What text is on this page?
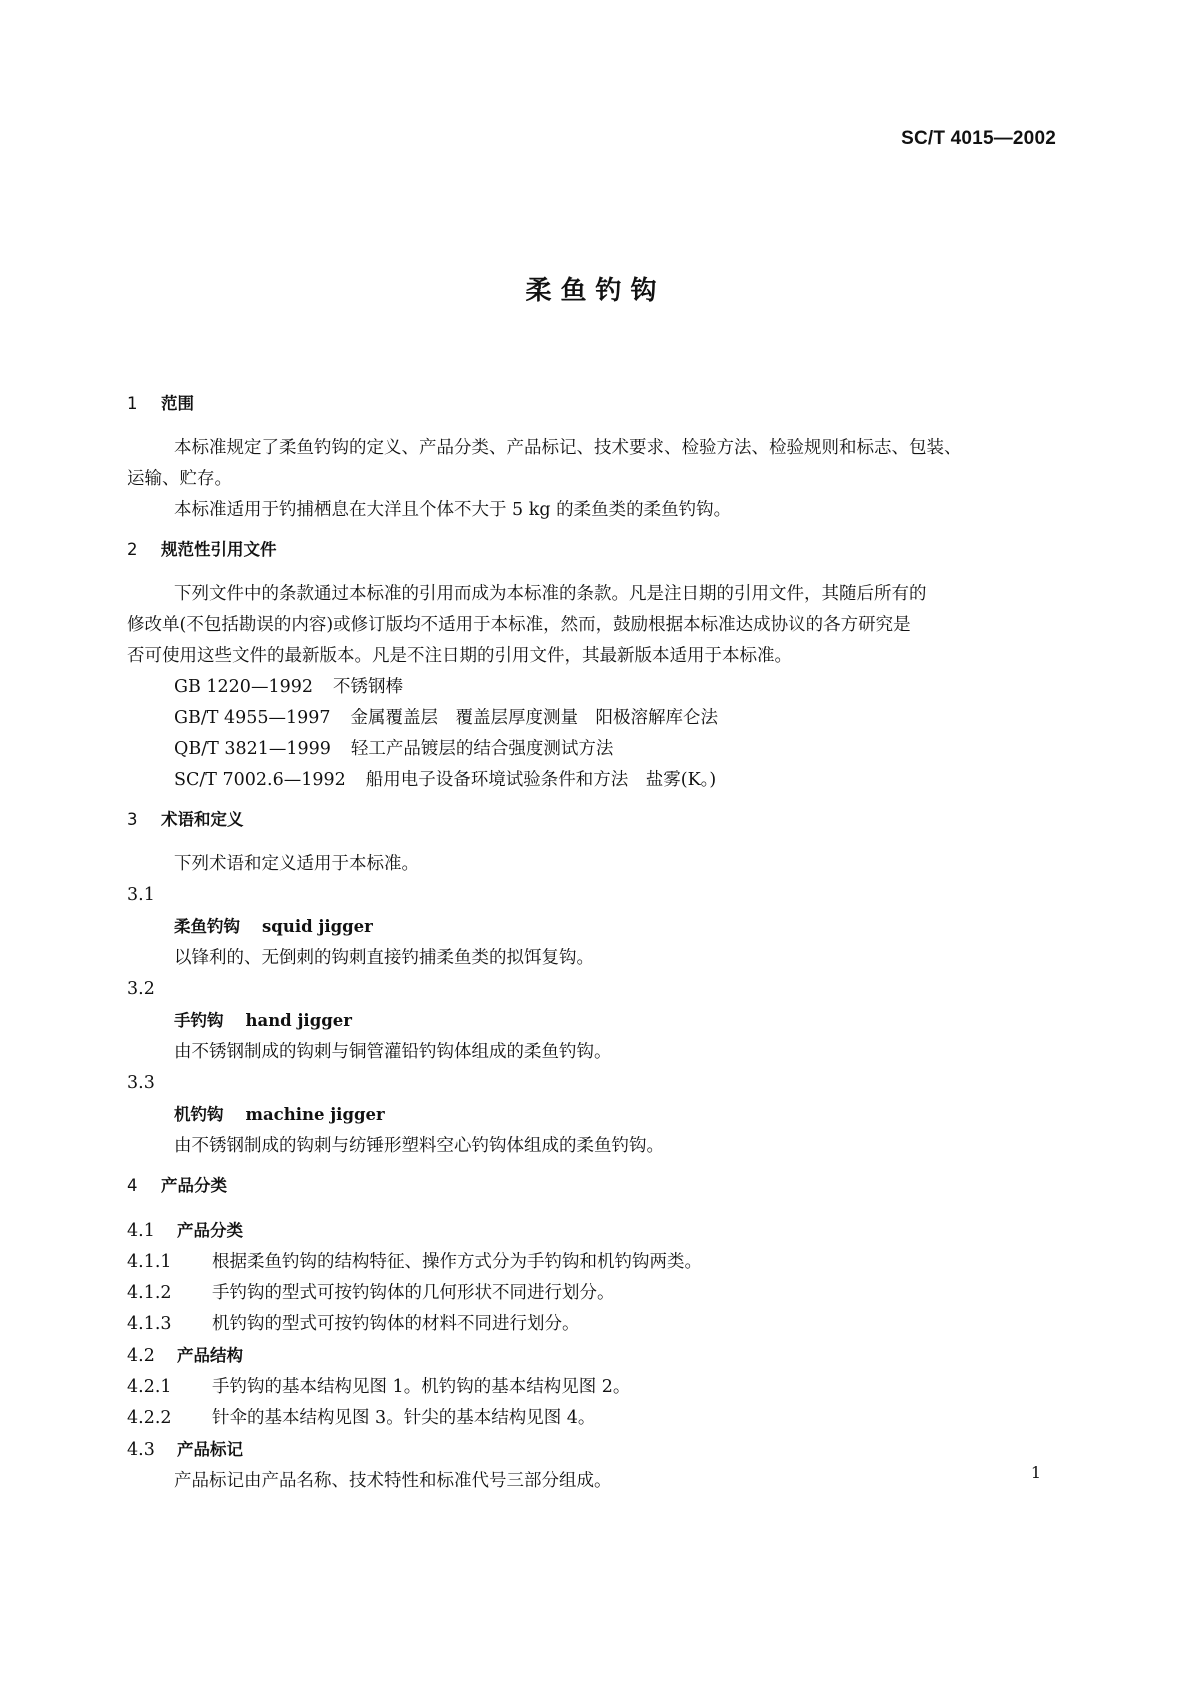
SC/T 4015—2002
柔鱼钓钩
1 范围
本标准规定了柔鱼钓钩的定义、产品分类、产品标记、技术要求、检验方法、检验规则和标志、包装、
运输、贮存。
本标准适用于钓捕栖息在大洋且个体不大于 5 kg 的柔鱼类的柔鱼钓钩。
2 规范性引用文件
下列文件中的条款通过本标准的引用而成为本标准的条款。凡是注日期的引用文件，其随后所有的
修改单(不包括勘误的内容)或修订版均不适用于本标准，然而，鼓励根据本标准达成协议的各方研究是
否可使用这些文件的最新版本。凡是不注日期的引用文件，其最新版本适用于本标准。
GB 1220—1992 不锈钢棒
GB/T 4955—1997 金属覆盖层　覆盖层厚度测量　阳极溶解库仑法
QB/T 3821—1999 轻工产品镀层的结合强度测试方法
SC/T 7002.6—1992 船用电子设备环境试验条件和方法　盐雾(K。)
3 术语和定义
下列术语和定义适用于本标准。
3.1
柔鱼钓钩 squid jigger
以锋利的、无倒刺的钩刺直接钓捕柔鱼类的拟饵复钩。
3.2
手钓钩 hand jigger
由不锈钢制成的钩刺与铜管灌铅钓钩体组成的柔鱼钓钩。
3.3
机钓钩 machine jigger
由不锈钢制成的钩刺与纺锤形塑料空心钓钩体组成的柔鱼钓钩。
4 产品分类
4.1 产品分类
4.1.1 根据柔鱼钓钩的结构特征、操作方式分为手钓钩和机钓钩两类。
4.1.2 手钓钩的型式可按钓钩体的几何形状不同进行划分。
4.1.3 机钓钩的型式可按钓钩体的材料不同进行划分。
4.2 产品结构
4.2.1 手钓钩的基本结构见图 1。机钓钩的基本结构见图 2。
4.2.2 针伞的基本结构见图 3。针尖的基本结构见图 4。
4.3 产品标记
产品标记由产品名称、技术特性和标准代号三部分组成。	1
